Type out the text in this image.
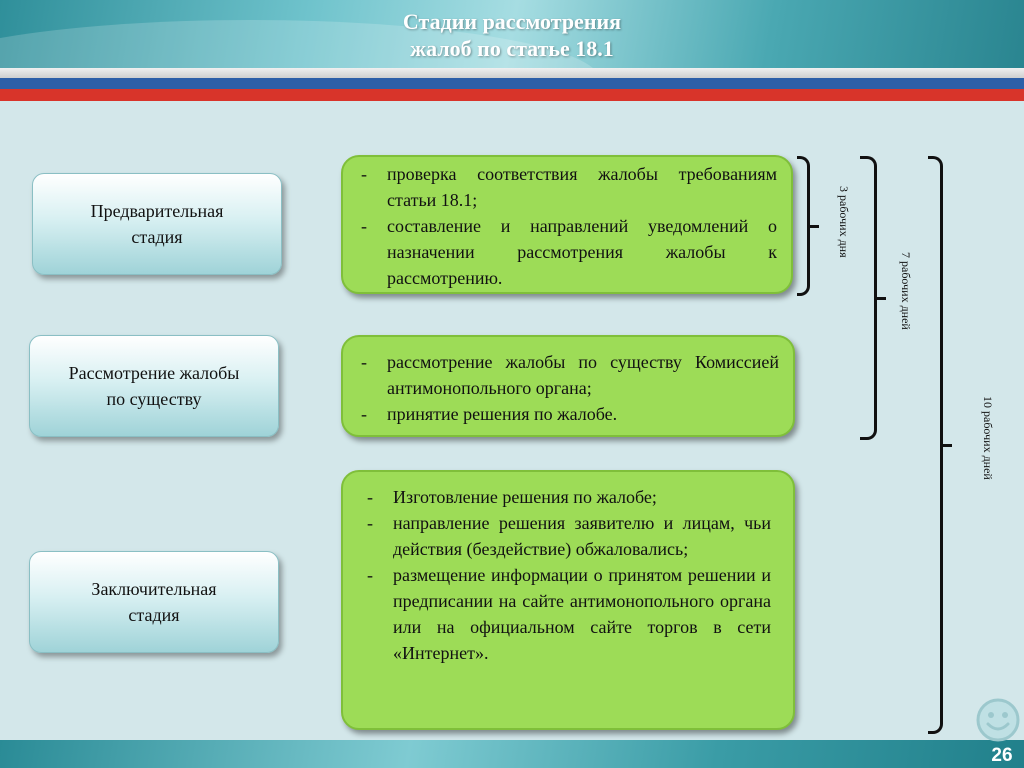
Стадии рассмотрения
жалоб по статье 18.1
Предварительная
стадия
Рассмотрение жалобы
по существу
Заключительная
стадия
- проверка соответствия жалобы требованиям статьи 18.1;
- составление и направлений уведомлений о назначении рассмотрения жалобы к рассмотрению.
- рассмотрение жалобы по существу Комиссией антимонопольного органа;
- принятие решения по жалобе.
- Изготовление решения по жалобе;
- направление решения заявителю и лицам, чьи действия (бездействие) обжаловались;
- размещение информации о принятом решении и предписании на сайте антимонопольного органа или на официальном сайте торгов в сети «Интернет».
3 рабочих дня
7 рабочих дней
10 рабочих дней
26
